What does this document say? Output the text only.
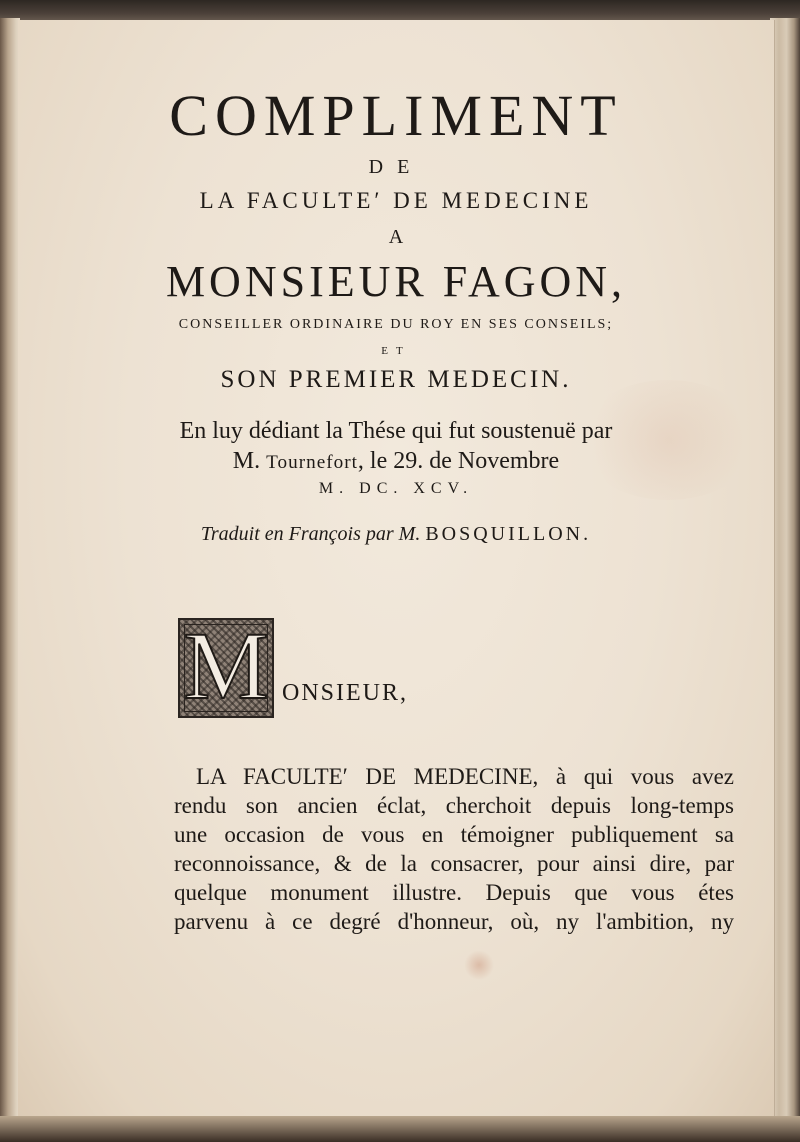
COMPLIMENT
DE
LA FACULTEʹ DE MEDECINE
A
MONSIEUR FAGON,
CONSEILLER ORDINAIRE DU ROY EN SES CONSEILS;
ET
SON PREMIER MEDECIN.
En luy dédiant la Thése qui fut soustenuë par
M. Tournefort, le 29. de Novembre
M. DC. XCV.
Traduit en François par M. BOSQUILLON.
M ONSIEUR,

LA FACULTEʹ DE MEDECINE, à qui vous avez

rendu son ancien éclat, cherchoit depuis long-temps

une occasion de vous en témoigner publiquement sa

reconnoissance, & de la consacrer, pour ainsi dire, par

quelque monument illustre. Depuis que vous étes

parvenu à ce degré d'honneur, où, ny l'ambition, ny
